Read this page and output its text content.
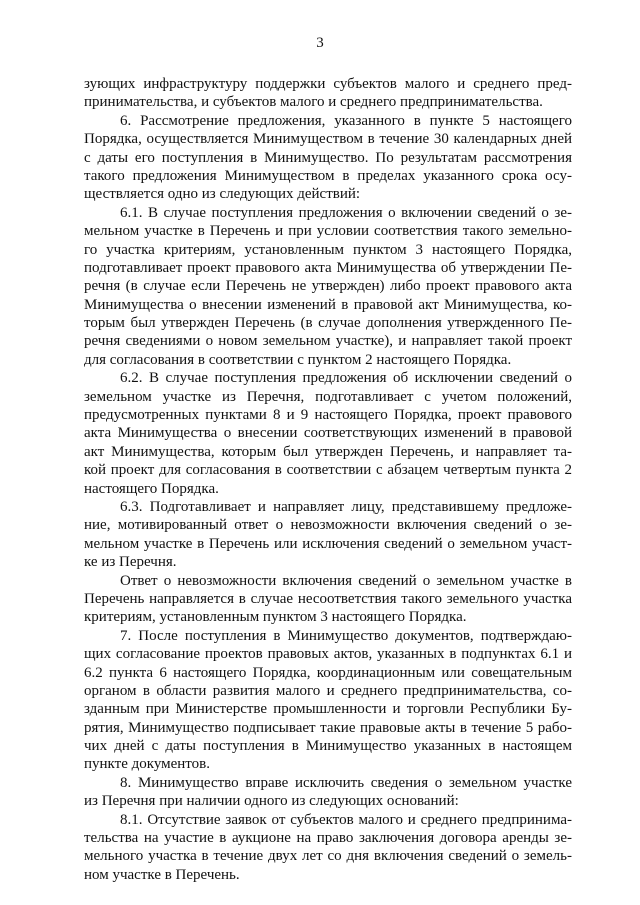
3
зующих инфраструктуру поддержки субъектов малого и среднего пред-
принимательства, и субъектов малого и среднего предпринимательства.
6. Рассмотрение предложения, указанного в пункте 5 настоящего
Порядка, осуществляется Минимуществом в течение 30 календарных дней
с даты его поступления в Минимущество. По результатам рассмотрения
такого предложения Минимуществом в пределах указанного срока осу-
ществляется одно из следующих действий:
6.1. В случае поступления предложения о включении сведений о зе-
мельном участке в Перечень и при условии соответствия такого земельно-
го участка критериям, установленным пунктом 3 настоящего Порядка,
подготавливает проект правового акта Минимущества об утверждении Пе-
речня (в случае если Перечень не утвержден) либо проект правового акта
Минимущества о внесении изменений в правовой акт Минимущества, ко-
торым был утвержден Перечень (в случае дополнения утвержденного Пе-
речня сведениями о новом земельном участке), и направляет такой проект
для согласования в соответствии с пунктом 2 настоящего Порядка.
6.2. В случае поступления предложения об исключении сведений о
земельном участке из Перечня, подготавливает с учетом положений,
предусмотренных пунктами 8 и 9 настоящего Порядка, проект правового
акта Минимущества о внесении соответствующих изменений в правовой
акт Минимущества, которым был утвержден Перечень, и направляет та-
кой проект для согласования в соответствии с абзацем четвертым пункта 2
настоящего Порядка.
6.3. Подготавливает и направляет лицу, представившему предложе-
ние, мотивированный ответ о невозможности включения сведений о зе-
мельном участке в Перечень или исключения сведений о земельном участ-
ке из Перечня.
Ответ о невозможности включения сведений о земельном участке в
Перечень направляется в случае несоответствия такого земельного участка
критериям, установленным пунктом 3 настоящего Порядка.
7. После поступления в Минимущество документов, подтверждаю-
щих согласование проектов правовых актов, указанных в подпунктах 6.1 и
6.2 пункта 6 настоящего Порядка, координационным или совещательным
органом в области развития малого и среднего предпринимательства, со-
зданным при Министерстве промышленности и торговли Республики Бу-
рятия, Минимущество подписывает такие правовые акты в течение 5 рабо-
чих дней с даты поступления в Минимущество указанных в настоящем
пункте документов.
8. Минимущество вправе исключить сведения о земельном участке
из Перечня при наличии одного из следующих оснований:
8.1. Отсутствие заявок от субъектов малого и среднего предпринима-
тельства на участие в аукционе на право заключения договора аренды зе-
мельного участка в течение двух лет со дня включения сведений о земель-
ном участке в Перечень.
